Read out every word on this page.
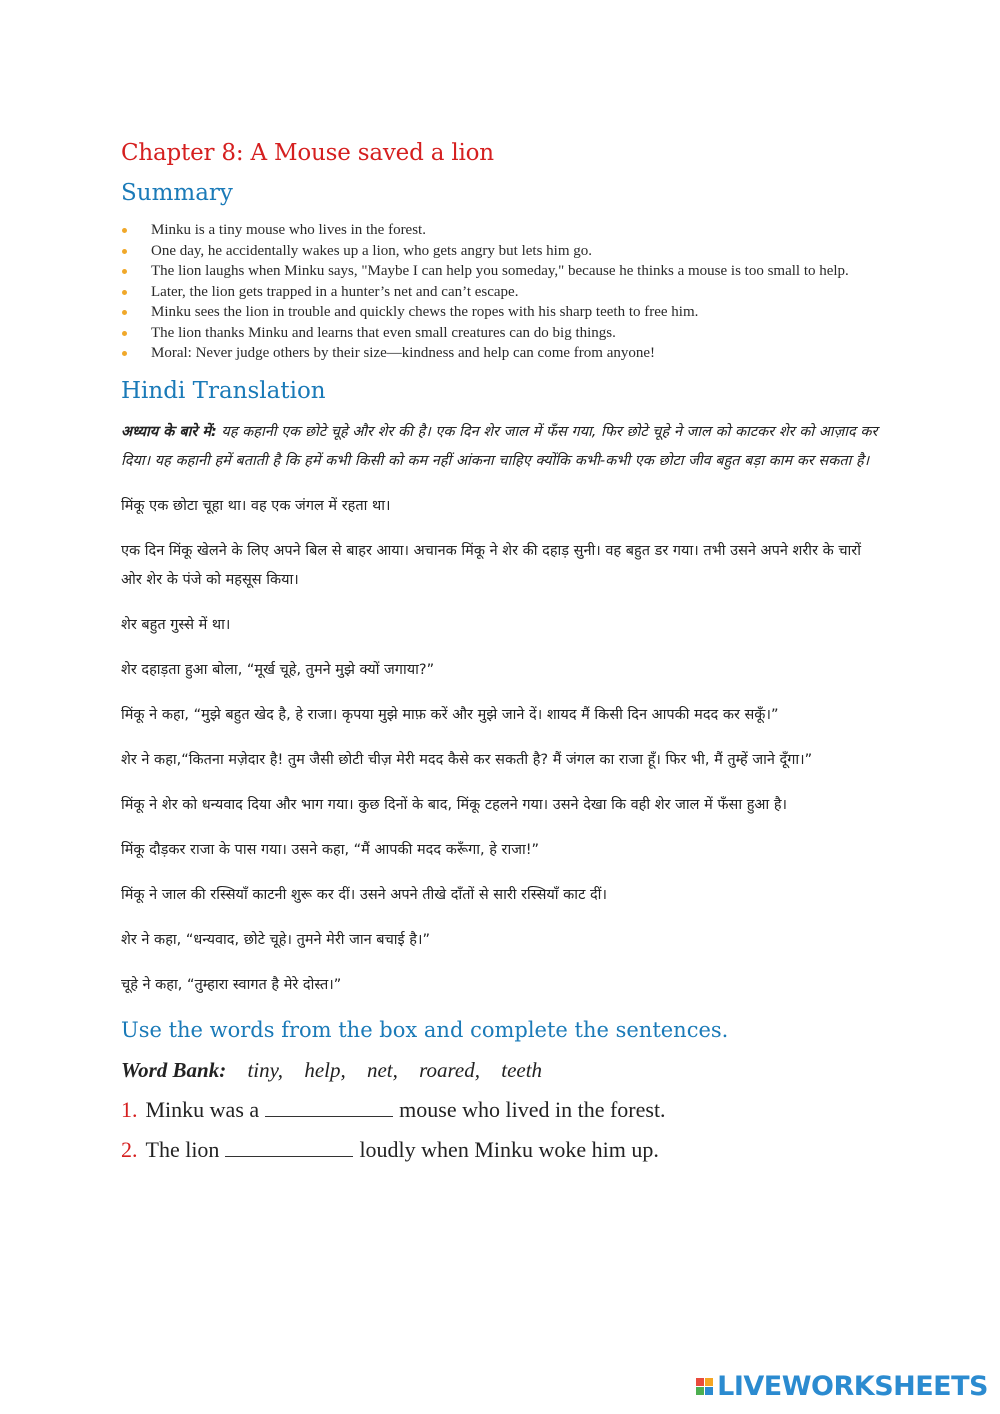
Chapter 8: A Mouse saved a lion
Summary
Minku is a tiny mouse who lives in the forest.
One day, he accidentally wakes up a lion, who gets angry but lets him go.
The lion laughs when Minku says, "Maybe I can help you someday," because he thinks a mouse is too small to help.
Later, the lion gets trapped in a hunter’s net and can’t escape.
Minku sees the lion in trouble and quickly chews the ropes with his sharp teeth to free him.
The lion thanks Minku and learns that even small creatures can do big things.
Moral: Never judge others by their size—kindness and help can come from anyone!
Hindi Translation

अध्याय के बारे में: यह कहानी एक छोटे चूहे और शेर की है। एक दिन शेर जाल में फँस गया, फिर छोटे चूहे ने जाल को काटकर शेर को आज़ाद कर दिया। यह कहानी हमें बताती है कि हमें कभी किसी को कम नहीं आंकना चाहिए क्योंकि कभी-कभी एक छोटा जीव बहुत बड़ा काम कर सकता है।

मिंकू एक छोटा चूहा था। वह एक जंगल में रहता था।

एक दिन मिंकू खेलने के लिए अपने बिल से बाहर आया। अचानक मिंकू ने शेर की दहाड़ सुनी। वह बहुत डर गया। तभी उसने अपने शरीर के चारों ओर शेर के पंजे को महसूस किया।

शेर बहुत गुस्से में था।

शेर दहाड़ता हुआ बोला, “मूर्ख चूहे, तुमने मुझे क्यों जगाया?”

मिंकू ने कहा, “मुझे बहुत खेद है, हे राजा। कृपया मुझे माफ़ करें और मुझे जाने दें। शायद मैं किसी दिन आपकी मदद कर सकूँ।”

शेर ने कहा,“कितना मज़ेदार है! तुम जैसी छोटी चीज़ मेरी मदद कैसे कर सकती है? मैं जंगल का राजा हूँ। फिर भी, मैं तुम्हें जाने दूँगा।”

मिंकू ने शेर को धन्यवाद दिया और भाग गया। कुछ दिनों के बाद, मिंकू टहलने गया। उसने देखा कि वही शेर जाल में फँसा हुआ है।

मिंकू दौड़कर राजा के पास गया। उसने कहा, “मैं आपकी मदद करूँगा, हे राजा!”

मिंकू ने जाल की रस्सियाँ काटनी शुरू कर दीं। उसने अपने तीखे दाँतों से सारी रस्सियाँ काट दीं।

शेर ने कहा, “धन्यवाद, छोटे चूहे। तुमने मेरी जान बचाई है।”

चूहे ने कहा, “तुम्हारा स्वागत है मेरे दोस्त।”

Use the words from the box and complete the sentences.
Word Bank: tiny, help, net, roared, teeth
1. Minku was a	mouse who lived in the forest.
2. The lion	loudly when Minku woke him up.
LIVEWORKSHEETS
